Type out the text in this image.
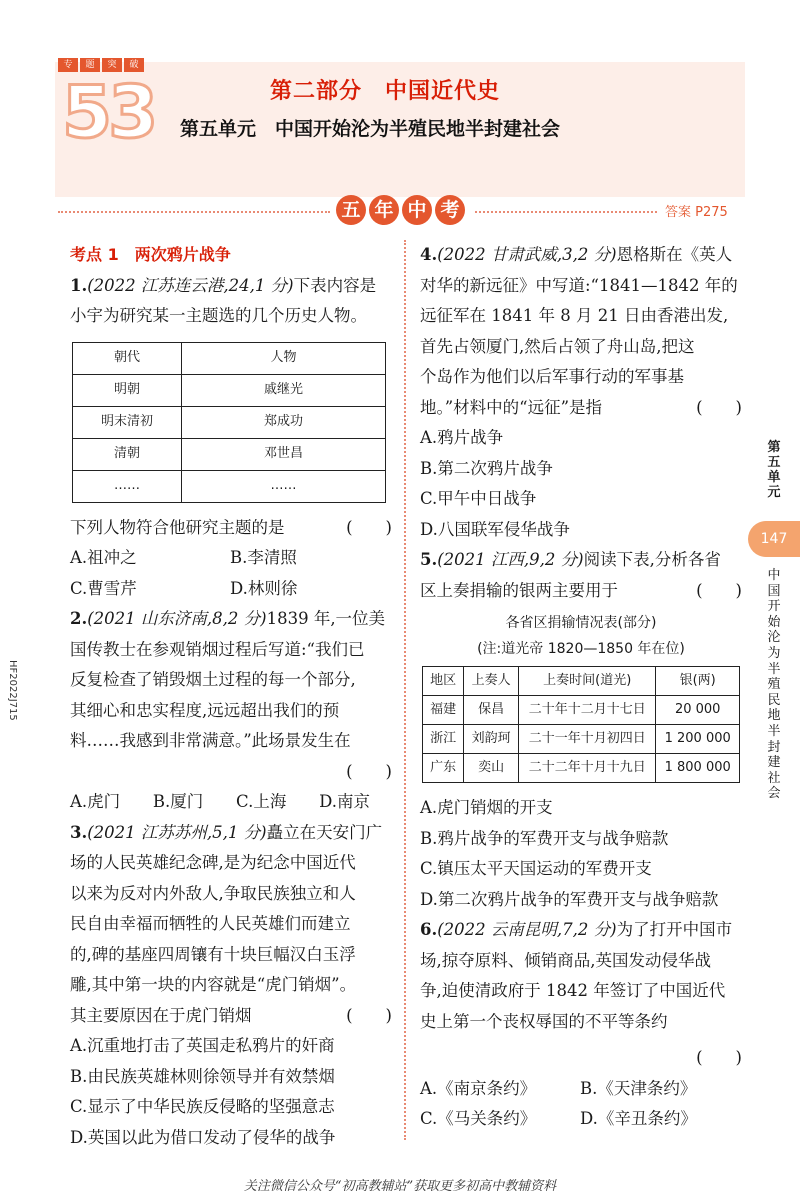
专	题	突	破
53	第二部分　中国近代史
第五单元　中国开始沦为半殖民地半封建社会
五 年 中 考	答案 P275
考点 1　两次鸦片战争
1.(2022 江苏连云港,24,1 分)下表内容是
小宇为研究某一主题选的几个历史人物。
朝代	人物
明朝	戚继光
明末清初	郑成功
清朝	邓世昌
……	……
下列人物符合他研究主题的是	(　　)
A.祖冲之	B.李清照
C.曹雪芹	D.林则徐
2.(2021 山东济南,8,2 分)1839 年,一位美
国传教士在参观销烟过程后写道:“我们已
反复检查了销毁烟土过程的每一个部分,
其细心和忠实程度,远远超出我们的预
料……我感到非常满意。”此场景发生在
(　　)
A.虎门 B.厦门 C.上海 D.南京
3.(2021 江苏苏州,5,1 分)矗立在天安门广
场的人民英雄纪念碑,是为纪念中国近代
以来为反对内外敌人,争取民族独立和人
民自由幸福而牺牲的人民英雄们而建立
的,碑的基座四周镶有十块巨幅汉白玉浮
雕,其中第一块的内容就是“虎门销烟”。
其主要原因在于虎门销烟	(　　)
A.沉重地打击了英国走私鸦片的奸商
B.由民族英雄林则徐领导并有效禁烟
C.显示了中华民族反侵略的坚强意志
D.英国以此为借口发动了侵华的战争
4.(2022 甘肃武威,3,2 分)恩格斯在《英人
对华的新远征》中写道:“1841—1842 年的
远征军在 1841 年 8 月 21 日由香港出发,
首先占领厦门,然后占领了舟山岛,把这
个岛作为他们以后军事行动的军事基
地。”材料中的“远征”是指	(　　)
A.鸦片战争
B.第二次鸦片战争
C.甲午中日战争
D.八国联军侵华战争
5.(2021 江西,9,2 分)阅读下表,分析各省
区上奏捐输的银两主要用于	(　　)
各省区捐输情况表(部分)
(注:道光帝 1820—1850 年在位)
地区	上奏人	上奏时间(道光)	银(两)
福建	保昌	二十年十二月十七日	20 000
浙江	刘韵珂	二十一年十月初四日	1 200 000
广东	奕山	二十二年十月十九日	1 800 000
A.虎门销烟的开支
B.鸦片战争的军费开支与战争赔款
C.镇压太平天国运动的军费开支
D.第二次鸦片战争的军费开支与战争赔款
6.(2022 云南昆明,7,2 分)为了打开中国市
场,掠夺原料、倾销商品,英国发动侵华战
争,迫使清政府于 1842 年签订了中国近代
史上第一个丧权辱国的不平等条约
(　　)
A.《南京条约》	B.《天津条约》
C.《马关条约》	D.《辛丑条约》
第五单元
147
中国开始沦为半殖民地半封建社会
HF2022J715
关注微信公众号“初高教辅站”获取更多初高中教辅资料
